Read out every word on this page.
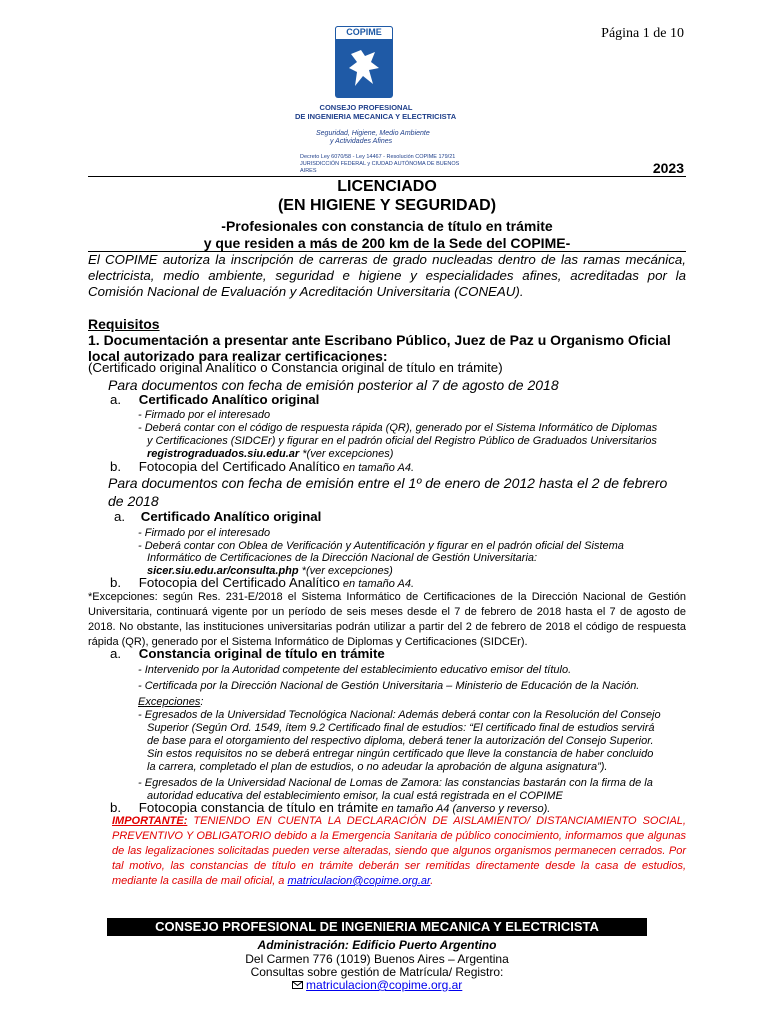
Página 1 de 10
COPIME
CONSEJO PROFESIONAL
DE INGENIERIA MECANICA Y ELECTRICISTA
Seguridad, Higiene, Medio Ambiente
y Actividades Afines
Decreto Ley 6070/58 - Ley 14467 - Resolución COPIME 179/21
JURISDICCIÓN FEDERAL y CIUDAD AUTÓNOMA DE BUENOS AIRES	2023
LICENCIADO
(EN HIGIENE Y SEGURIDAD)
-Profesionales con constancia de título en trámite
y que residen a más de 200 km de la Sede del COPIME-
El COPIME autoriza la inscripción de carreras de grado nucleadas dentro de las ramas mecánica, electricista, medio ambiente, seguridad e higiene y especialidades afines, acreditadas por la Comisión Nacional de Evaluación y Acreditación Universitaria (CONEAU).
Requisitos
1. Documentación a presentar ante Escribano Público, Juez de Paz u Organismo Oficial local autorizado para realizar certificaciones:
(Certificado original Analítico o Constancia original de título en trámite)
Para documentos con fecha de emisión posterior al 7 de agosto de 2018
a. Certificado Analítico original
- Firmado por el interesado
- Deberá contar con el código de respuesta rápida (QR), generado por el Sistema Informático de Diplomas
y Certificaciones (SIDCEr) y figurar en el padrón oficial del Registro Público de Graduados Universitarios
registrograduados.siu.edu.ar *(ver excepciones)
b. Fotocopia del Certificado Analítico en tamaño A4.
Para documentos con fecha de emisión entre el 1º de enero de 2012 hasta el 2 de febrero
de 2018
a. Certificado Analítico original
- Firmado por el interesado
- Deberá contar con Oblea de Verificación y Autentificación y figurar en el padrón oficial del Sistema
Informático de Certificaciones de la Dirección Nacional de Gestión Universitaria:
sicer.siu.edu.ar/consulta.php *(ver excepciones)
b. Fotocopia del Certificado Analítico en tamaño A4.
*Excepciones: según Res. 231-E/2018 el Sistema Informático de Certificaciones de la Dirección Nacional de Gestión Universitaria, continuará vigente por un período de seis meses desde el 7 de febrero de 2018 hasta el 7 de agosto de 2018. No obstante, las instituciones universitarias podrán utilizar a partir del 2 de febrero de 2018 el código de respuesta rápida (QR), generado por el Sistema Informático de Diplomas y Certificaciones (SIDCEr).
a. Constancia original de título en trámite
- Intervenido por la Autoridad competente del establecimiento educativo emisor del título.
- Certificada por la Dirección Nacional de Gestión Universitaria – Ministerio de Educación de la Nación.
Excepciones:
- Egresados de la Universidad Tecnológica Nacional: Además deberá contar con la Resolución del Consejo
Superior (Según Ord. 1549, ítem 9.2 Certificado final de estudios: “El certificado final de estudios servirá
de base para el otorgamiento del respectivo diploma, deberá tener la autorización del Consejo Superior.
Sin estos requisitos no se deberá entregar ningún certificado que lleve la constancia de haber concluido
la carrera, completado el plan de estudios, o no adeudar la aprobación de alguna asignatura”).
- Egresados de la Universidad Nacional de Lomas de Zamora: las constancias bastarán con la firma de la
autoridad educativa del establecimiento emisor, la cual está registrada en el COPIME
b. Fotocopia constancia de título en trámite en tamaño A4 (anverso y reverso).
IMPORTANTE: TENIENDO EN CUENTA LA DECLARACIÓN DE AISLAMIENTO/ DISTANCIAMIENTO SOCIAL, PREVENTIVO Y OBLIGATORIO debido a la Emergencia Sanitaria de público conocimiento, informamos que algunas de las legalizaciones solicitadas pueden verse alteradas, siendo que algunos organismos permanecen cerrados. Por tal motivo, las constancias de título en trámite deberán ser remitidas directamente desde la casa de estudios, mediante la casilla de mail oficial, a matriculacion@copime.org.ar.
CONSEJO PROFESIONAL DE INGENIERIA MECANICA Y ELECTRICISTA
Administración: Edificio Puerto Argentino
Del Carmen 776 (1019) Buenos Aires – Argentina
Consultas sobre gestión de Matrícula/ Registro:
matriculacion@copime.org.ar
